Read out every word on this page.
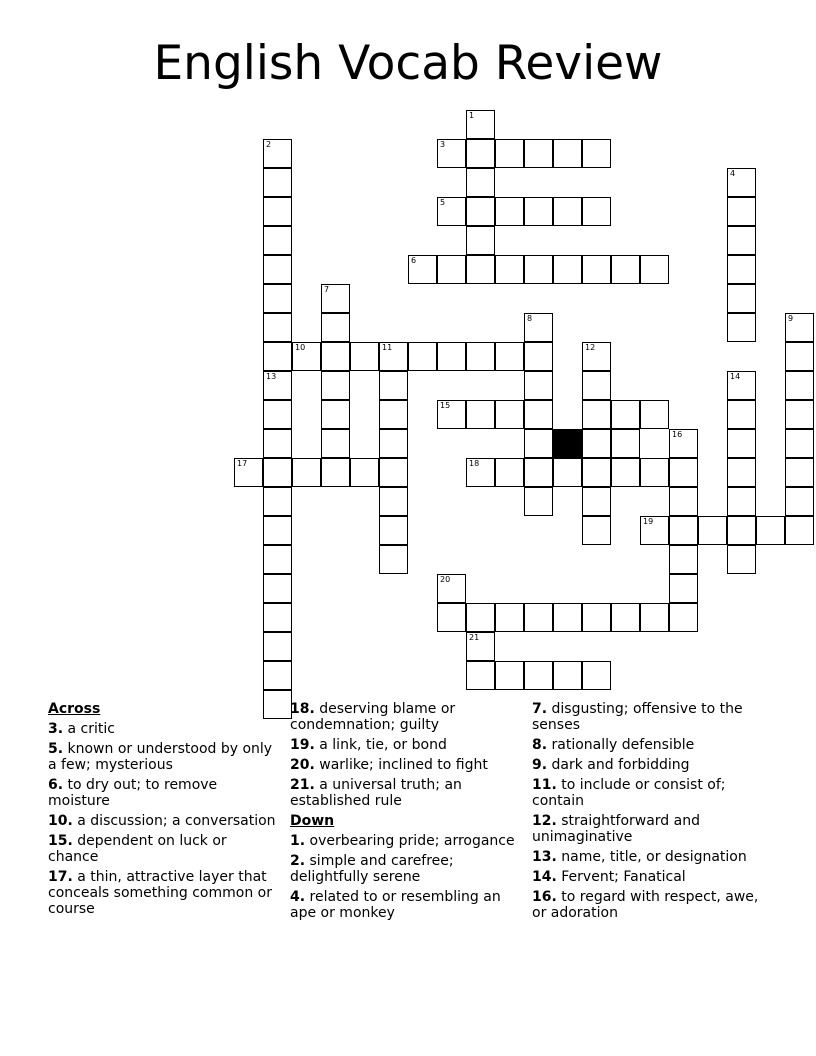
English Vocab Review
1
2
13
3
4
5
6
7
8	9
10	11	12
14
15
16
17	18
19
20
21
Across
3. a critic
5. known or understood by only a few; mysterious
6. to dry out; to remove moisture
10. a discussion; a conversation
15. dependent on luck or chance
17. a thin, attractive layer that conceals something common or course
18. deserving blame or condemnation; guilty
19. a link, tie, or bond
20. warlike; inclined to fight
21. a universal truth; an established rule
Down
1. overbearing pride; arrogance
2. simple and carefree; delightfully serene
4. related to or resembling an ape or monkey
7. disgusting; offensive to the senses
8. rationally defensible
9. dark and forbidding
11. to include or consist of; contain
12. straightforward and unimaginative
13. name, title, or designation
14. Fervent; Fanatical
16. to regard with respect, awe, or adoration
